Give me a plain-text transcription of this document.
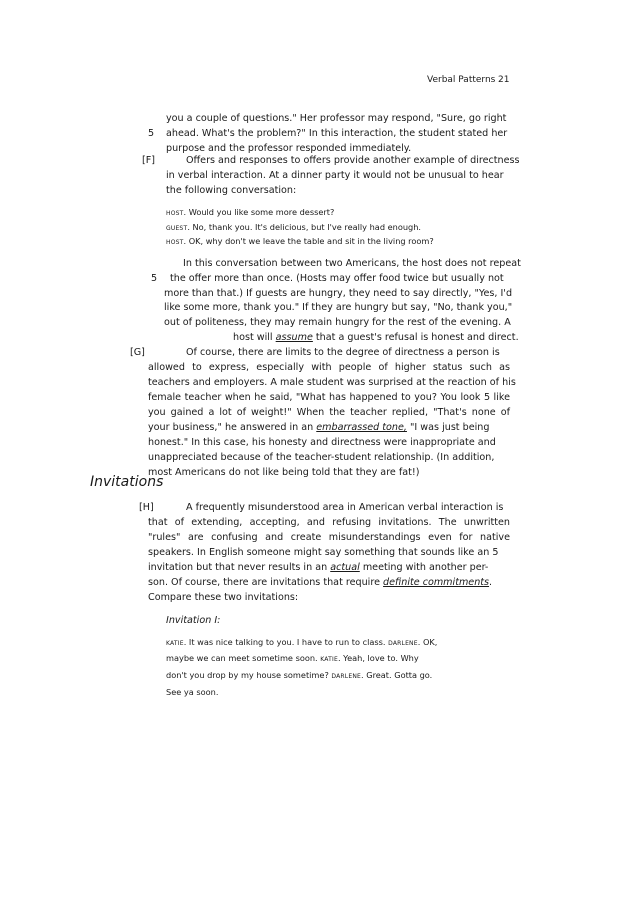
Verbal Patterns 21
you a couple of questions." Her professor may respond, "Sure, go right
5 ahead. What's the problem?" In this interaction, the student stated her
purpose and the professor responded immediately.
[F]	Offers and responses to offers provide another example of directness
in verbal interaction. At a dinner party it would not be unusual to hear
the following conversation:
HOST. Would you like some more dessert?
GUEST. No, thank you. It's delicious, but I've really had enough.
HOST. OK, why don't we leave the table and sit in the living room?
In this conversation between two Americans, the host does not repeat
5 the offer more than once. (Hosts may offer food twice but usually not
more than that.) If guests are hungry, they need to say directly, "Yes, I'd
like some more, thank you." If they are hungry but say, "No, thank you,"
out of politeness, they may remain hungry for the rest of the evening. A
host will assume that a guest's refusal is honest and direct.
[G]	Of course, there are limits to the degree of directness a person is
allowed to express, especially with people of higher status such as
teachers and employers. A male student was surprised at the reaction of his
female teacher when he said, "What has happened to you? You look 5 like
you gained a lot of weight!" When the teacher replied, "That's none of
your business," he answered in an embarrassed tone, "I was just being
honest." In this case, his honesty and directness were inappropriate and
unappreciated because of the teacher-student relationship. (In addition,
most Americans do not like being told that they are fat!)
Invitations
[H]	A frequently misunderstood area in American verbal interaction is
that of extending, accepting, and refusing invitations. The unwritten
"rules" are confusing and create misunderstandings even for native
speakers. In English someone might say something that sounds like an 5
invitation but that never results in an actual meeting with another per-
son. Of course, there are invitations that require definite commitments.
Compare these two invitations:
Invitation I:
KATIE. It was nice talking to you. I have to run to class. DARLENE. OK,
maybe we can meet sometime soon. KATIE. Yeah, love to. Why
don't you drop by my house sometime? DARLENE. Great. Gotta go.
See ya soon.
